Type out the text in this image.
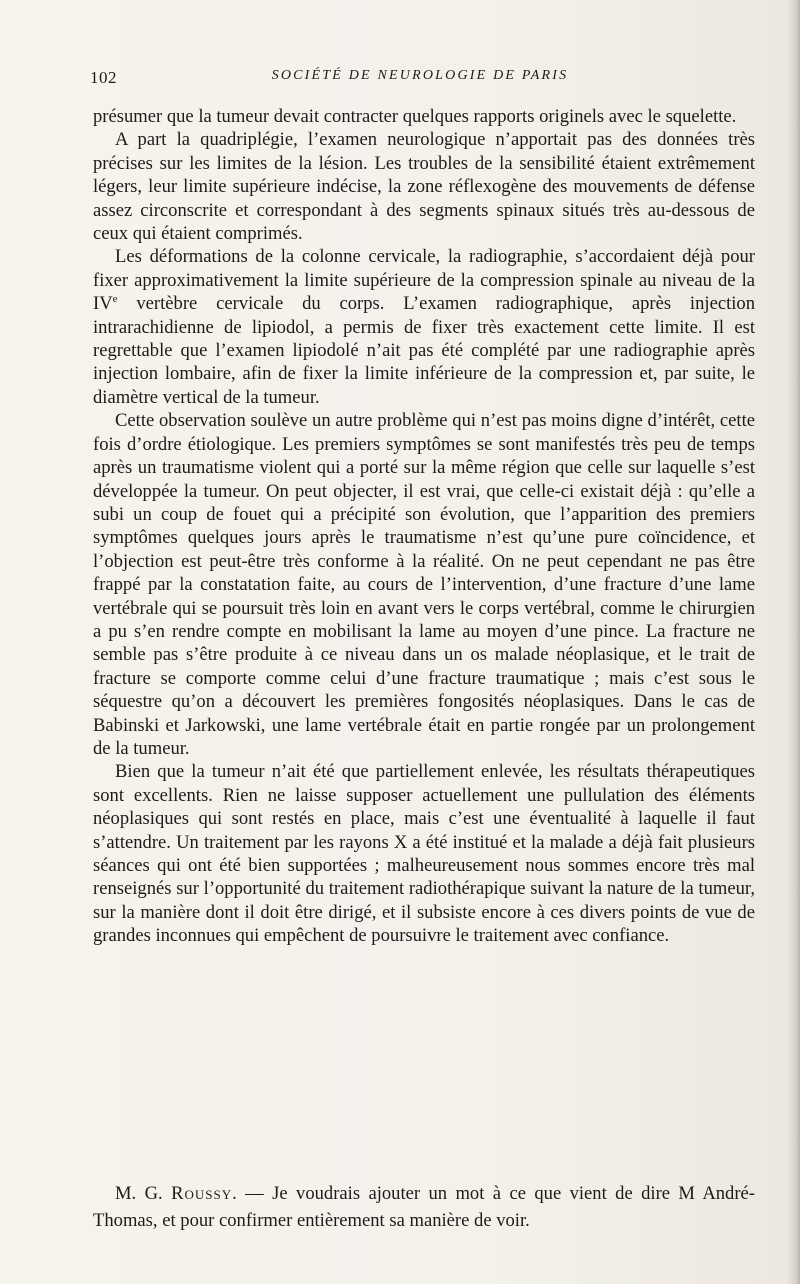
102	SOCIÉTÉ DE NEUROLOGIE DE PARIS

présumer que la tumeur devait contracter quelques rapports originels avec le squelette.

A part la quadriplégie, l’examen neurologique n’apportait pas des données très précises sur les limites de la lésion. Les troubles de la sensibilité étaient extrêmement légers, leur limite supérieure indécise, la zone réflexogène des mouvements de défense assez circonscrite et correspondant à des segments spinaux situés très au-dessous de ceux qui étaient comprimés.

Les déformations de la colonne cervicale, la radiographie, s’accordaient déjà pour fixer approximativement la limite supérieure de la compression spinale au niveau de la IVe vertèbre cervicale du corps. L’examen radiographique, après injection intrarachidienne de lipiodol, a permis de fixer très exactement cette limite. Il est regrettable que l’examen lipiodolé n’ait pas été complété par une radiographie après injection lombaire, afin de fixer la limite inférieure de la compression et, par suite, le diamètre vertical de la tumeur.

Cette observation soulève un autre problème qui n’est pas moins digne d’intérêt, cette fois d’ordre étiologique. Les premiers symptômes se sont manifestés très peu de temps après un traumatisme violent qui a porté sur la même région que celle sur laquelle s’est développée la tumeur. On peut objecter, il est vrai, que celle-ci existait déjà : qu’elle a subi un coup de fouet qui a précipité son évolution, que l’apparition des premiers symptômes quelques jours après le traumatisme n’est qu’une pure coïncidence, et l’objection est peut-être très conforme à la réalité. On ne peut cependant ne pas être frappé par la constatation faite, au cours de l’intervention, d’une fracture d’une lame vertébrale qui se poursuit très loin en avant vers le corps vertébral, comme le chirurgien a pu s’en rendre compte en mobilisant la lame au moyen d’une pince. La fracture ne semble pas s’être produite à ce niveau dans un os malade néoplasique, et le trait de fracture se comporte comme celui d’une fracture traumatique ; mais c’est sous le séquestre qu’on a découvert les premières fongosités néoplasiques. Dans le cas de Babinski et Jarkowski, une lame vertébrale était en partie rongée par un prolongement de la tumeur.

Bien que la tumeur n’ait été que partiellement enlevée, les résultats thérapeutiques sont excellents. Rien ne laisse supposer actuellement une pullulation des éléments néoplasiques qui sont restés en place, mais c’est une éventualité à laquelle il faut s’attendre. Un traitement par les rayons X a été institué et la malade a déjà fait plusieurs séances qui ont été bien supportées ; malheureusement nous sommes encore très mal renseignés sur l’opportunité du traitement radiothérapique suivant la nature de la tumeur, sur la manière dont il doit être dirigé, et il subsiste encore à ces divers points de vue de grandes inconnues qui empêchent de poursuivre le traitement avec confiance.

M. G. Roussy. — Je voudrais ajouter un mot à ce que vient de dire M André-Thomas, et pour confirmer entièrement sa manière de voir.
